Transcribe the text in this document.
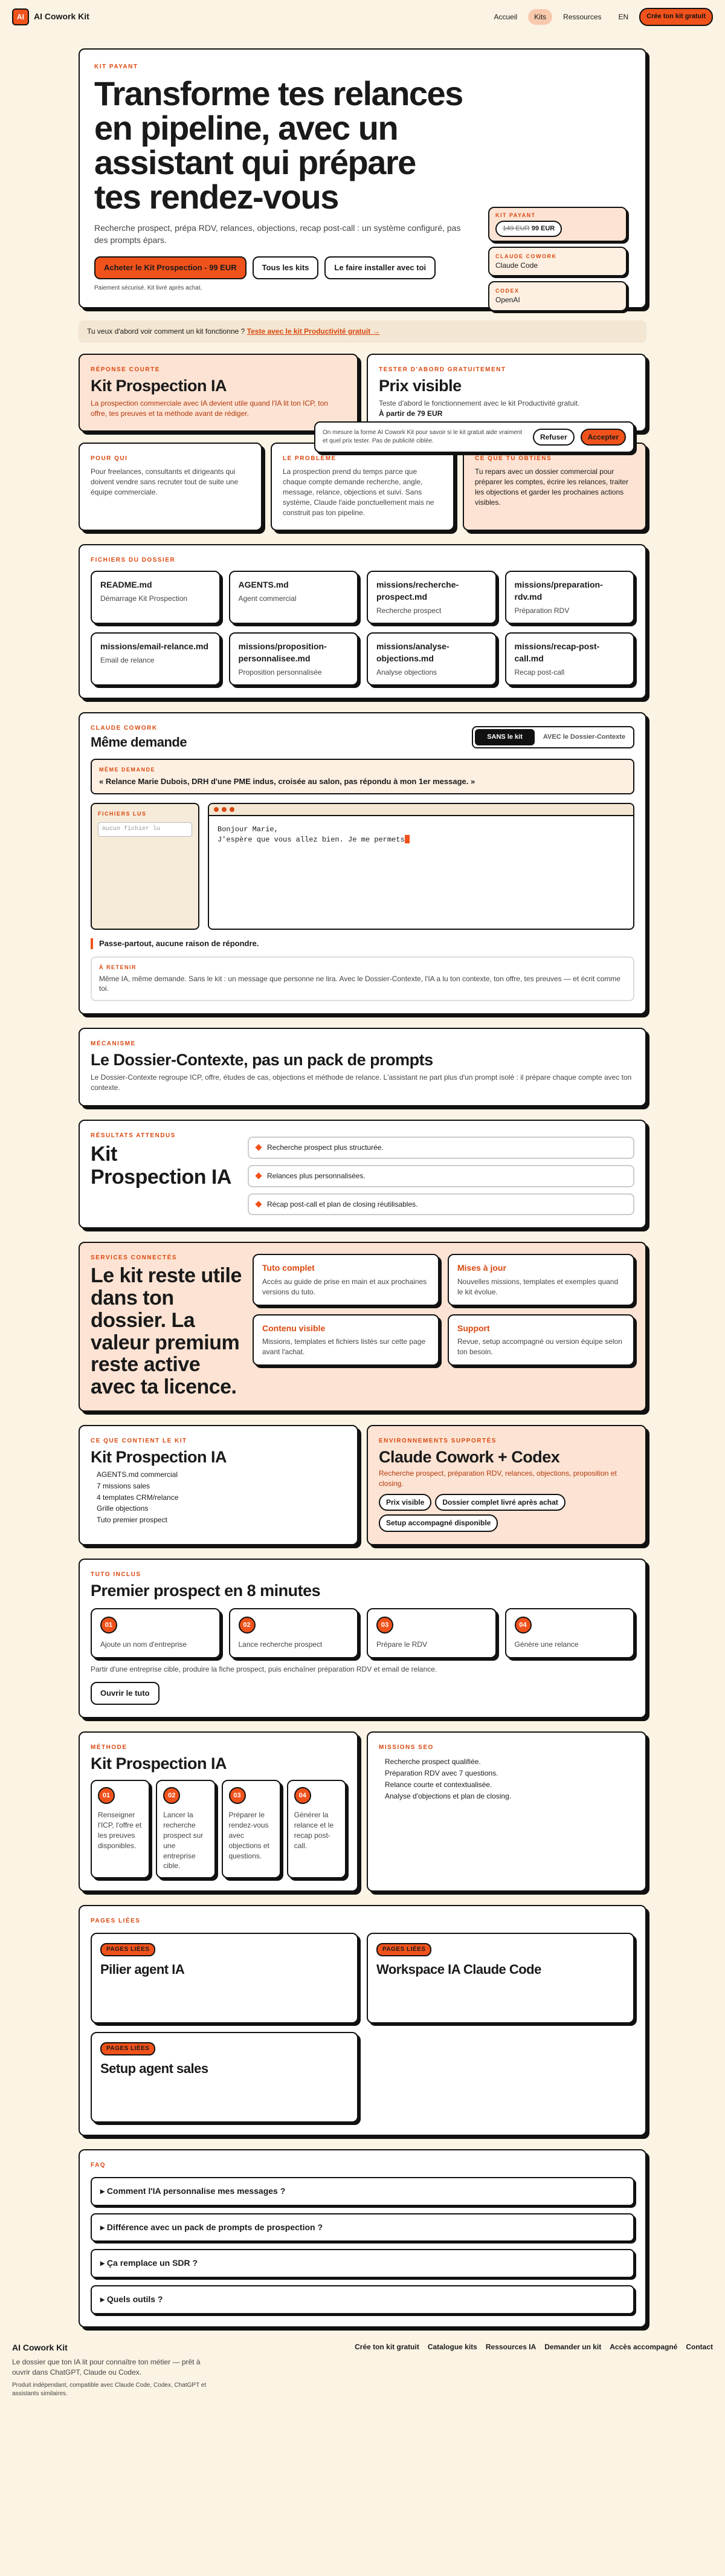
AI	AI Cowork Kit	Accueil	Kits	Ressources	EN	Crée ton kit gratuit
KIT PAYANT
Transforme tes relances en pipeline, avec un assistant qui prépare tes rendez-vous

Recherche prospect, prépa RDV, relances, objections, recap post-call : un système configuré, pas des prompts épars.

Acheter le Kit Prospection - 99 EUR	Tous les kits	Le faire installer avec toi
Paiement sécurisé. Kit livré après achat.
KIT PAYANT
149 EUR 99 EUR
CLAUDE COWORK
Claude Code
CODEX
OpenAI
Tu veux d'abord voir comment un kit fonctionne ? Teste avec le kit Productivité gratuit →
RÉPONSE COURTE
Kit Prospection IA

La prospection commerciale avec IA devient utile quand l'IA lit ton ICP, ton offre, tes preuves et ta méthode avant de rédiger.

TESTER D'ABORD GRATUITEMENT
Prix visible

Teste d'abord le fonctionnement avec le kit Productivité gratuit.

À partir de 79 EUR

On mesure la forme AI Cowork Kit pour savoir si le kit gratuit aide vraiment et quel prix tester. Pas de publicité ciblée.	Refuser	Accepter
POUR QUI

Pour freelances, consultants et dirigeants qui doivent vendre sans recruter tout de suite une équipe commerciale.

LE PROBLÈME

La prospection prend du temps parce que chaque compte demande recherche, angle, message, relance, objections et suivi. Sans système, Claude l'aide ponctuellement mais ne construit pas ton pipeline.

CE QUE TU OBTIENS

Tu repars avec un dossier commercial pour préparer les comptes, écrire les relances, traiter les objections et garder les prochaines actions visibles.

FICHIERS DU DOSSIER
README.md
Démarrage Kit Prospection
AGENTS.md
Agent commercial
missions/recherche-prospect.md
Recherche prospect
missions/preparation-rdv.md
Préparation RDV
missions/email-relance.md
Email de relance
missions/proposition-personnalisee.md
Proposition personnalisée
missions/analyse-objections.md
Analyse objections
missions/recap-post-call.md
Recap post-call
CLAUDE COWORK
Même demande	SANS le kit	AVEC le Dossier-Contexte
MÊME DEMANDE
« Relance Marie Dubois, DRH d'une PME indus, croisée au salon, pas répondu à mon 1er message. »
FICHIERS LUS
Aucun fichier lu	Bonjour Marie,
J'espère que vous allez bien. Je me permets
Passe-partout, aucune raison de répondre.
À RETENIR

Même IA, même demande. Sans le kit : un message que personne ne lira. Avec le Dossier-Contexte, l'IA a lu ton contexte, ton offre, tes preuves — et écrit comme toi.

MÉCANISME
Le Dossier-Contexte, pas un pack de prompts

Le Dossier-Contexte regroupe ICP, offre, études de cas, objections et méthode de relance. L'assistant ne part plus d'un prompt isolé : il prépare chaque compte avec ton contexte.

RÉSULTATS ATTENDUS
Kit Prospection IA
Recherche prospect plus structurée.
Relances plus personnalisées.
Récap post-call et plan de closing réutilisables.
SERVICES CONNECTÉS
Le kit reste utile dans ton dossier. La valeur premium reste active avec ta licence.
Tuto complet
Accès au guide de prise en main et aux prochaines versions du tuto.
Mises à jour
Nouvelles missions, templates et exemples quand le kit évolue.
Contenu visible
Missions, templates et fichiers listés sur cette page avant l'achat.
Support
Revue, setup accompagné ou version équipe selon ton besoin.
CE QUE CONTIENT LE KIT
Kit Prospection IA
AGENTS.md commercial
7 missions sales
4 templates CRM/relance
Grille objections
Tuto premier prospect
ENVIRONNEMENTS SUPPORTÉS
Claude Cowork + Codex

Recherche prospect, préparation RDV, relances, objections, proposition et closing.

Prix visible	Dossier complet livré après achat
Setup accompagné disponible
TUTO INCLUS
Premier prospect en 8 minutes
01
Ajoute un nom d'entreprise
02
Lance recherche prospect
03
Prépare le RDV
04
Génère une relance

Partir d'une entreprise cible, produire la fiche prospect, puis enchaîner préparation RDV et email de relance.

Ouvrir le tuto
MÉTHODE
Kit Prospection IA
01
Renseigner l'ICP, l'offre et les preuves disponibles.
02
Lancer la recherche prospect sur une entreprise cible.
03
Préparer le rendez-vous avec objections et questions.
04
Générer la relance et le recap post-call.
MISSIONS SEO
Recherche prospect qualifiée.
Préparation RDV avec 7 questions.
Relance courte et contextualisée.
Analyse d'objections et plan de closing.
PAGES LIÉES
PAGES LIÉES
Pilier agent IA
PAGES LIÉES
Workspace IA Claude Code
PAGES LIÉES
Setup agent sales
FAQ
▸ Comment l'IA personnalise mes messages ?
▸ Différence avec un pack de prompts de prospection ?
▸ Ça remplace un SDR ?
▸ Quels outils ?
AI Cowork Kit

Le dossier que ton IA lit pour connaître ton métier — prêt à ouvrir dans ChatGPT, Claude ou Codex.

Produit indépendant, compatible avec Claude Code, Codex, ChatGPT et assistants similaires.

Crée ton kit gratuit Catalogue kits Ressources IA Demander un kit Accès accompagné Contact
